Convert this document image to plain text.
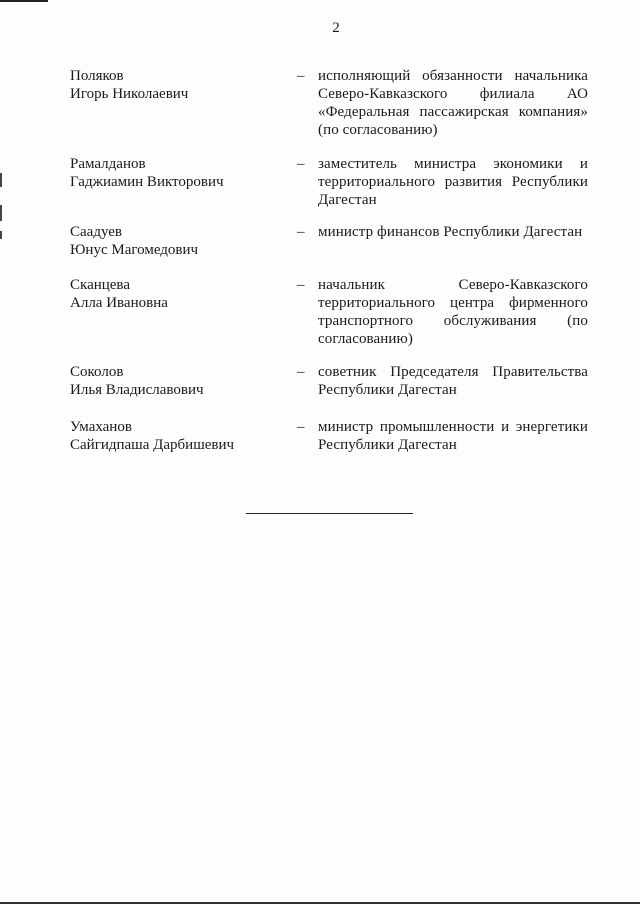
2
Поляков
Игорь Николаевич
– исполняющий обязанности начальника Северо-Кавказского филиала АО «Федеральная пассажирская компания» (по согласованию)
Рамалданов
Гаджиамин Викторович
– заместитель министра экономики и территориального развития Республики Дагестан
Саадуев
Юнус Магомедович
– министр финансов Республики Дагестан
Сканцева
Алла Ивановна
– начальник Северо-Кавказского территориального центра фирменного транспортного обслуживания (по согласованию)
Соколов
Илья Владиславович
– советник Председателя Правительства Республики Дагестан
Умаханов
Сайгидпаша Дарбишевич
– министр промышленности и энергетики Республики Дагестан
